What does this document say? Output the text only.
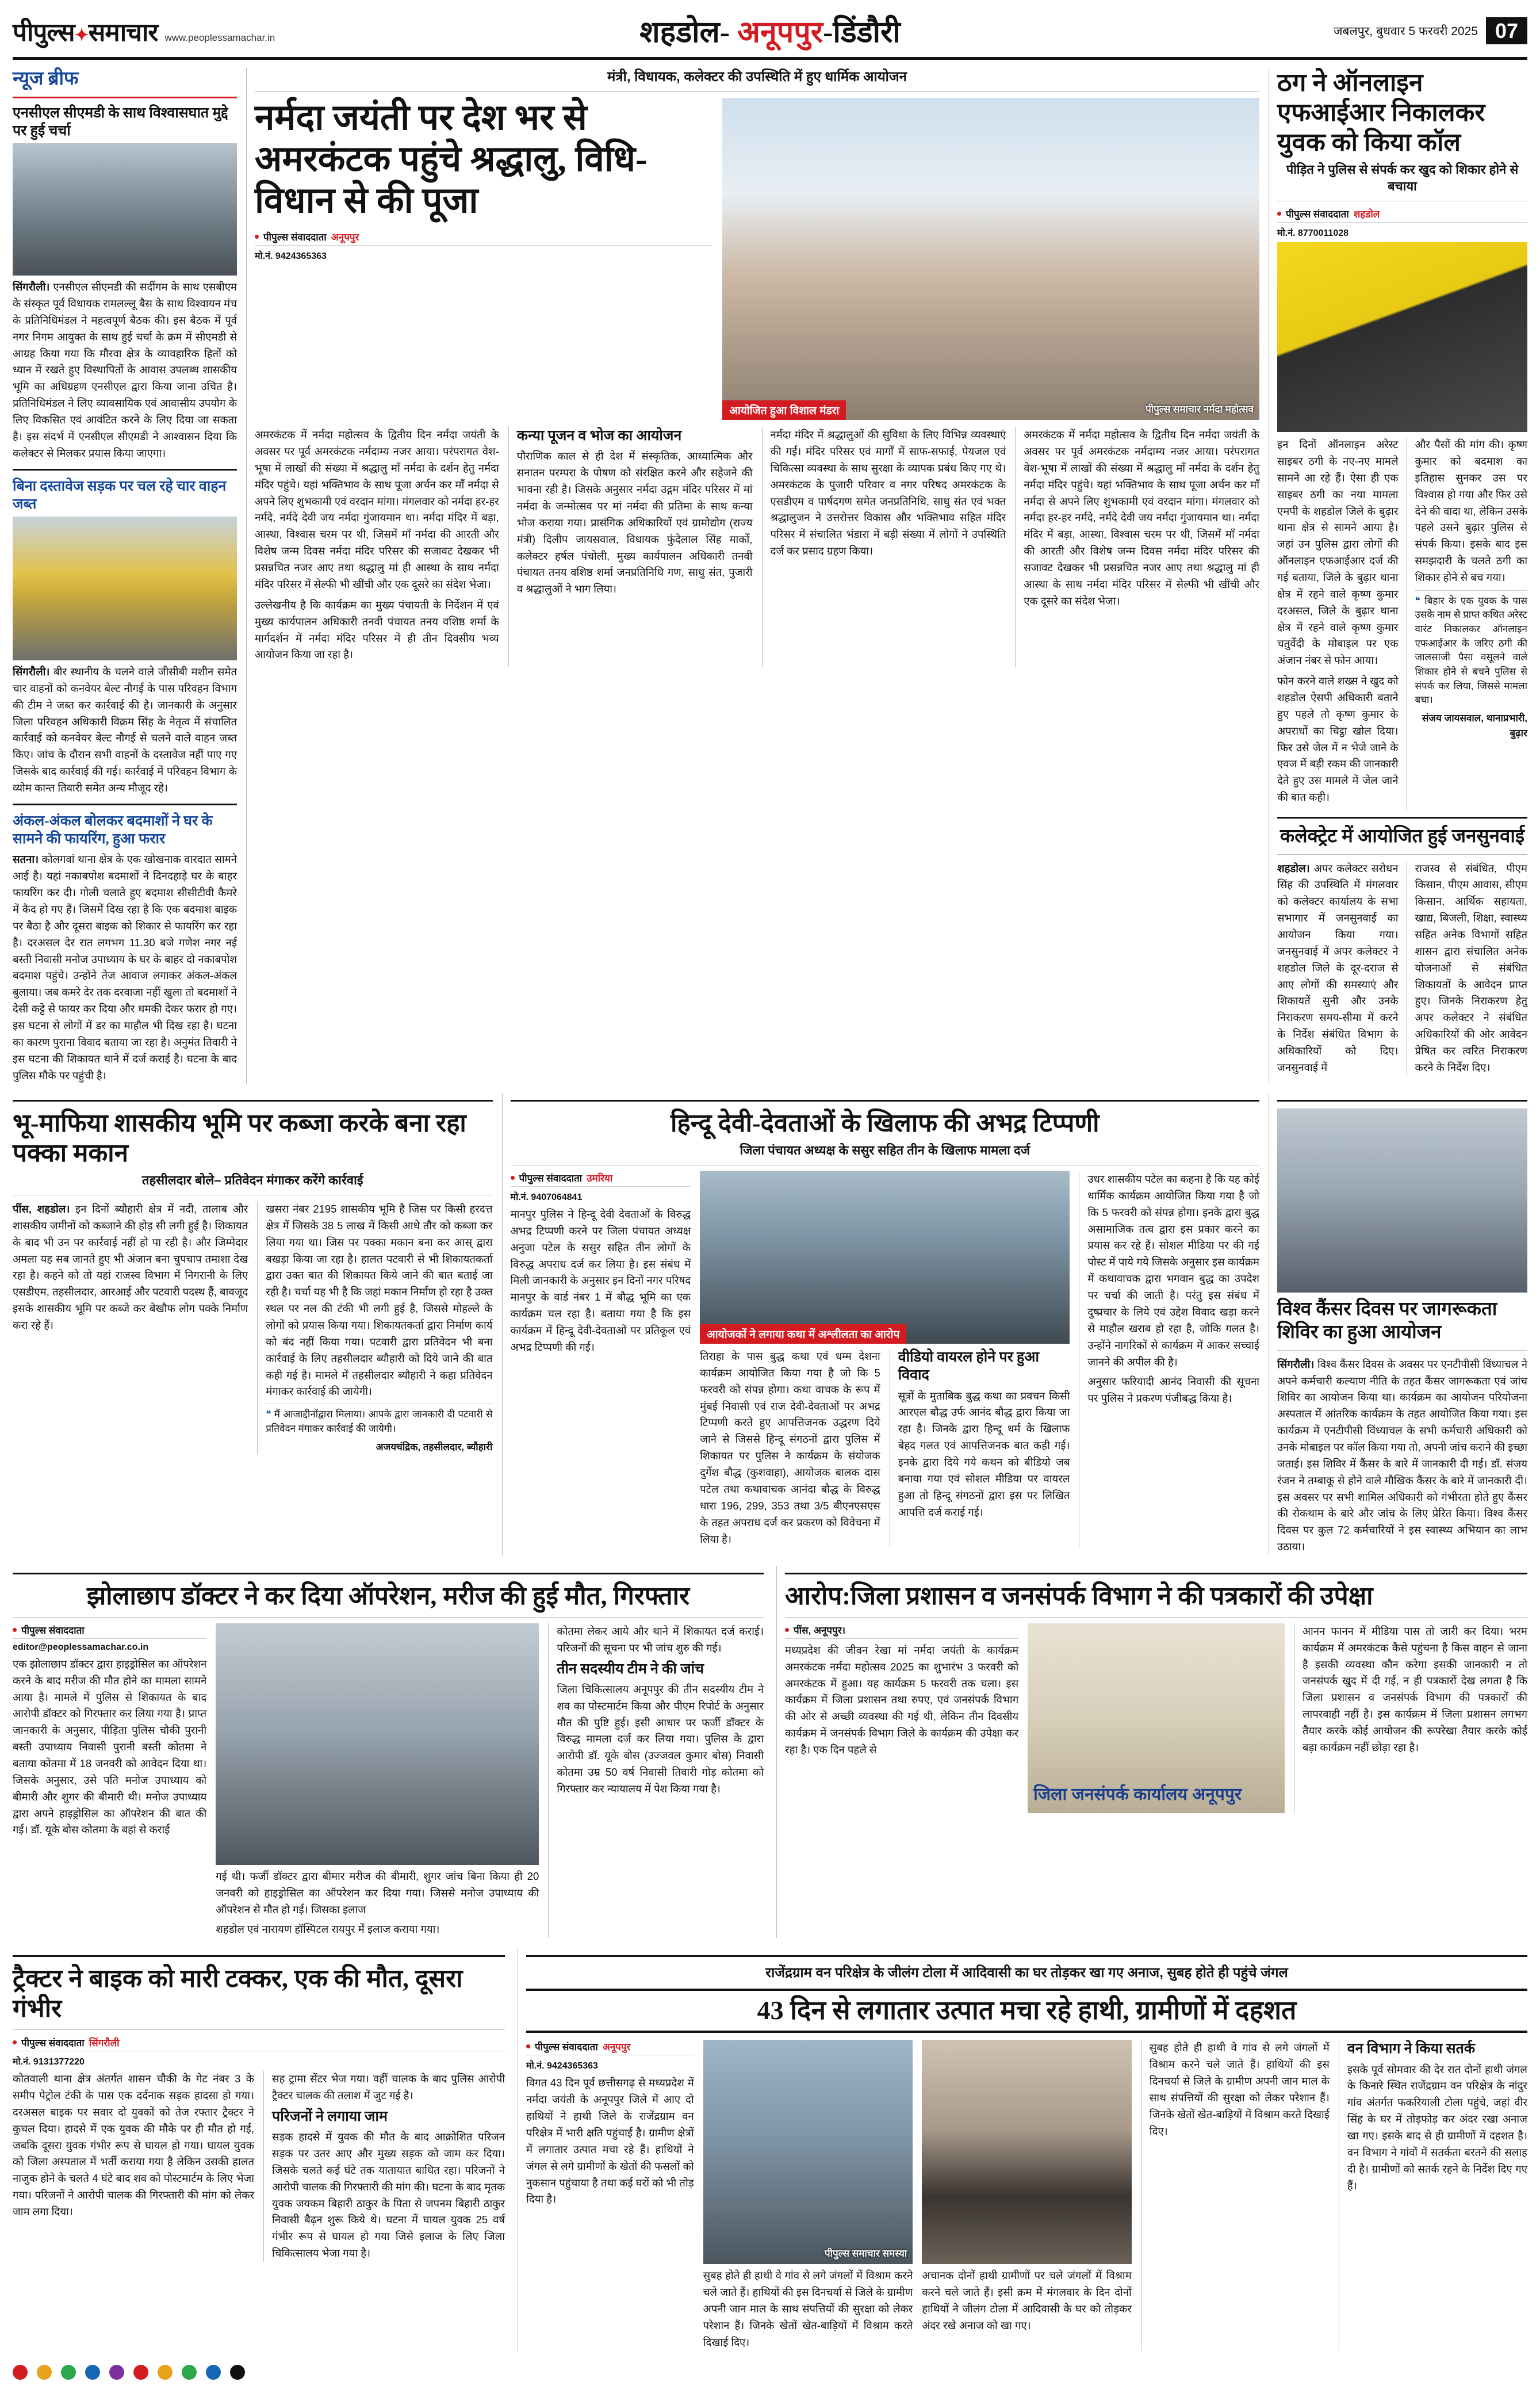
पीपुल्स✦समाचार www.peoplessamachar.in	शहडोल- अनूपपुर-डिंडौरी	जबलपुर, बुधवार 5 फरवरी 2025 07
न्यूज ब्रीफ
एनसीएल सीएमडी के साथ विश्वासघात मुद्दे पर हुई चर्चा
सिंगरौली। एनसीएल सीएमडी की सदींगम के साथ एसबीएम के संस्कृत पूर्व विधायक रामलल्लू बैस के साथ विश्वायन मंच के प्रतिनिधिमंडल ने महत्वपूर्ण बैठक की। इस बैठक में पूर्व नगर निगम आयुक्त के साथ हुई चर्चा के क्रम में सीएमडी से आग्रह किया गया कि मौरवा क्षेत्र के व्यावहारिक हितों को ध्यान में रखते हुए विस्थापितों के आवास उपलब्ध शासकीय भूमि का अधिग्रहण एनसीएल द्वारा किया जाना उचित है। प्रतिनिधिमंडल ने लिए व्यावसायिक एवं आवासीय उपयोग के लिए विकसित एवं आवंटित करने के लिए दिया जा सकता है। इस संदर्भ में एनसीएल सीएमडी ने आश्वासन दिया कि कलेक्टर से मिलकर प्रयास किया जाएगा।
बिना दस्तावेज सड़क पर चल रहे चार वाहन जब्त
सिंगरौली। बीर स्थानीय के चलने वाले जीसीबी मशीन समेत चार वाहनों को कनवेयर बेल्ट नौगई के पास परिवहन विभाग की टीम ने जब्त कर कार्रवाई की है। जानकारी के अनुसार जिला परिवहन अधिकारी विक्रम सिंह के नेतृत्व में संचालित कार्रवाई को कनवेयर बेल्ट नौगई से चलने वाले वाहन जब्त किए। जांच के दौरान सभी वाहनों के दस्तावेज नहीं पाए गए जिसके बाद कार्रवाई की गई। कार्रवाई में परिवहन विभाग के व्योम कान्त तिवारी समेत अन्य मौजूद रहे।
अंकल-अंकल बोलकर बदमाशों ने घर के सामने की फायरिंग, हुआ फरार
सतना। कोलगवां थाना क्षेत्र के एक खोखनाक वारदात सामने आई है। यहां नकाबपोश बदमाशों ने दिनदहाड़े घर के बाहर फायरिंग कर दी। गोली चलाते हुए बदमाश सीसीटीवी कैमरे में कैद हो गए हैं। जिसमें दिख रहा है कि एक बदमाश बाइक पर बैठा है और दूसरा बाइक को शिकार से फायरिंग कर रहा है। दरअसल देर रात लगभग 11.30 बजे गणेश नगर नई बस्ती निवासी मनोज उपाध्याय के घर के बाहर दो नकाबपोश बदमाश पहुंचे। उन्होंने तेज आवाज लगाकर अंकल-अंकल बुलाया। जब कमरे देर तक दरवाजा नहीं खुला तो बदमाशों ने देसी कट्टे से फायर कर दिया और धमकी देकर फरार हो गए। इस घटना से लोगों में डर का माहौल भी दिख रहा है। घटना का कारण पुराना विवाद बताया जा रहा है। अनुमंत तिवारी ने इस घटना की शिकायत थाने में दर्ज कराई है। घटना के बाद पुलिस मौके पर पहुंची है।
मंत्री, विधायक, कलेक्टर की उपस्थिति में हुए धार्मिक आयोजन
नर्मदा जयंती पर देश भर से अमरकंटक पहुंचे श्रद्धालु, विधि-विधान से की पूजा
पीपुल्स संवाददाता अनूपपुर
मो.नं. 9424365363
आयोजित हुआ विशाल मंडरा	पीपुल्स समाचार नर्मदा महोत्सव

अमरकंटक में नर्मदा महोत्सव के द्वितीय दिन नर्मदा जयंती के अवसर पर पूर्व अमरकंटक नर्मदाम्य नजर आया। परंपरागत वेश-भूषा में लाखों की संख्या में श्रद्धालु माँ नर्मदा के दर्शन हेतु नर्मदा मंदिर पहुंचे। यहां भक्तिभाव के साथ पूजा अर्चन कर माँ नर्मदा से अपने लिए शुभकामी एवं वरदान मांगा। मंगलवार को नर्मदा हर-हर नर्मदे, नर्मदे देवी जय नर्मदा गुंजायमान था। नर्मदा मंदिर में बड़ा, आस्था, विश्वास चरम पर थी, जिसमें माँ नर्मदा की आरती और विशेष जन्म दिवस नर्मदा मंदिर परिसर की सजावट देखकर भी प्रसन्नचित नजर आए तथा श्रद्धालु मां ही आस्था के साथ नर्मदा मंदिर परिसर में सेल्फी भी खींची और एक दूसरे का संदेश भेजा।

उल्लेखनीय है कि कार्यक्रम का मुख्य पंचायती के निर्देशन में एवं मुख्य कार्यपालन अधिकारी तनवी पंचायत तनय वशिष्ठ शर्मा के मार्गदर्शन में नर्मदा मंदिर परिसर में ही तीन दिवसीय भव्य आयोजन किया जा रहा है।

कन्या पूजन व भोज का आयोजन

पौराणिक काल से ही देश में संस्कृतिक, आध्यात्मिक और सनातन परम्परा के पोषण को संरक्षित करने और सहेजने की भावना रही है। जिसके अनुसार नर्मदा उद्गम मंदिर परिसर में मां नर्मदा के जन्मोत्सव पर मां नर्मदा की प्रतिमा के साथ कन्या भोज कराया गया। प्रासंगिक अधिकारियों एवं ग्रामोद्योग (राज्य मंत्री) दिलीप जायसवाल, विधायक फुंदेलाल सिंह मार्को, कलेक्टर हर्षल पंचोली, मुख्य कार्यपालन अधिकारी तनवी पंचायत तनय वशिष्ठ शर्मा जनप्रतिनिधि गण, साधु संत, पुजारी व श्रद्धालुओं ने भाग लिया।

नर्मदा मंदिर में श्रद्धालुओं की सुविधा के लिए विभिन्न व्यवस्थाएं की गईं। मंदिर परिसर एवं मार्गों में साफ-सफाई, पेयजल एवं चिकित्सा व्यवस्था के साथ सुरक्षा के व्यापक प्रबंध किए गए थे। अमरकंटक के पुजारी परिवार व नगर परिषद अमरकंटक के एसडीएम व पार्षदगण समेत जनप्रतिनिधि, साधु संत एवं भक्त श्रद्धालुजन ने उत्तरोत्तर विकास और भक्तिभाव सहित मंदिर परिसर में संचालित भंडारा में बड़ी संख्या में लोगों ने उपस्थिति दर्ज कर प्रसाद ग्रहण किया।

अमरकंटक में नर्मदा महोत्सव के द्वितीय दिन नर्मदा जयंती के अवसर पर पूर्व अमरकंटक नर्मदाम्य नजर आया। परंपरागत वेश-भूषा में लाखों की संख्या में श्रद्धालु माँ नर्मदा के दर्शन हेतु नर्मदा मंदिर पहुंचे। यहां भक्तिभाव के साथ पूजा अर्चन कर माँ नर्मदा से अपने लिए शुभकामी एवं वरदान मांगा। मंगलवार को नर्मदा हर-हर नर्मदे, नर्मदे देवी जय नर्मदा गुंजायमान था। नर्मदा मंदिर में बड़ा, आस्था, विश्वास चरम पर थी, जिसमें माँ नर्मदा की आरती और विशेष जन्म दिवस नर्मदा मंदिर परिसर की सजावट देखकर भी प्रसन्नचित नजर आए तथा श्रद्धालु मां ही आस्था के साथ नर्मदा मंदिर परिसर में सेल्फी भी खींची और एक दूसरे का संदेश भेजा।

ठग ने ऑनलाइन एफआईआर निकालकर युवक को किया कॉल
पीड़ित ने पुलिस से संपर्क कर खुद को शिकार होने से बचाया
पीपुल्स संवाददाता शहडोल
मो.नं. 8770011028

इन दिनों ऑनलाइन अरेस्ट साइबर ठगी के नए-नए मामले सामने आ रहे हैं। ऐसा ही एक साइबर ठगी का नया मामला एमपी के शहडोल जिले के बुढ़ार थाना क्षेत्र से सामने आया है। जहां उन पुलिस द्वारा लोगों की ऑनलाइन एफआईआर दर्ज की गई बताया, जिले के बुढ़ार थाना क्षेत्र में रहने वाले कृष्ण कुमार दरअसल, जिले के बुढ़ार थाना क्षेत्र में रहने वाले कृष्ण कुमार चतुर्वेदी के मोबाइल पर एक अंजान नंबर से फोन आया।

फोन करने वाले शख्स ने खुद को शहडोल ऐसपी अधिकारी बताने हुए पहले तो कृष्ण कुमार के अपराधों का चिट्ठा खोल दिया। फिर उसे जेल में न भेजे जाने के एवज में बड़ी रकम की जानकारी देते हुए उस मामले में जेल जाने की बात कही।

और पैसों की मांग की। कृष्ण कुमार को बदमाश का इतिहास सुनकर उस पर विश्वास हो गया और फिर उसे देने की वादा था, लेकिन उसके पहले उसने बुढ़ार पुलिस से संपर्क किया। इसके बाद इस समझदारी के चलते ठगी का शिकार होने से बच गया।

❝ बिहार के एक युवक के पास उसके नाम से प्राप्त कथित अरेस्ट वारंट निकालकर ऑनलाइन एफआईआर के जरिए ठगी की जालसाजी पैसा वसूलने वाले शिकार होने से बचने पुलिस से संपर्क कर लिया, जिससे मामला बचा।
संजय जायसवाल, थानाप्रभारी, बुढ़ार
कलेक्ट्रेट में आयोजित हुई जनसुनवाई
शहडोल। अपर कलेक्टर सरोधन सिंह की उपस्थिति में मंगलवार को कलेक्टर कार्यालय के सभा सभागार में जनसुनवाई का आयोजन किया गया। जनसुनवाई में अपर कलेक्टर ने शहडोल जिले के दूर-दराज से आए लोगों की समस्याएं और शिकायतें सुनी और उनके निराकरण समय-सीमा में करने के निर्देश संबंधित विभाग के अधिकारियों को दिए। जनसुनवाई में
राजस्व से संबंधित, पीएम किसान, पीएम आवास, सीएम किसान, आर्थिक सहायता, खाद्य, बिजली, शिक्षा, स्वास्थ्य सहित अनेक विभागों सहित शासन द्वारा संचालित अनेक योजनाओं से संबंधित शिकायतों के आवेदन प्राप्त हुए। जिनके निराकरण हेतु अपर कलेक्टर ने संबंधित अधिकारियों की ओर आवेदन प्रेषित कर त्वरित निराकरण करने के निर्देश दिए।
भू-माफिया शासकीय भूमि पर कब्जा करके बना रहा पक्का मकान
तहसीलदार बोले– प्रतिवेदन मंगाकर करेंगे कार्रवाई
पींस, शहडोल। इन दिनों ब्यौहारी क्षेत्र में नदी, तालाब और शासकीय जमीनों को कब्जाने की होड़ सी लगी हुई है। शिकायत के बाद भी उन पर कार्रवाई नहीं हो पा रही है। और जिम्मेदार अमला यह सब जानते हुए भी अंजान बना चुपचाप तमाशा देख रहा है। कहने को तो यहां राजस्व विभाग में निगरानी के लिए एसडीएम, तहसीलदार, आरआई और पटवारी पदस्थ हैं, बावजूद इसके शासकीय भूमि पर कब्जे कर बेखौफ लोग पक्के निर्माण करा रहे हैं।
खसरा नंबर 2195 शासकीय भूमि है जिस पर किसी हरदत्त क्षेत्र में जिसके 38 5 लाख में किसी आधे तौर को कब्जा कर लिया गया था। जिस पर पक्का मकान बना कर आस् द्वारा बखड़ा किया जा रहा है। हालत पटवारी से भी शिकायतकर्ता द्वारा उक्त बात की शिकायत किये जाने की बात बताई जा रही है। चर्चा यह भी है कि जहां मकान निर्माण हो रहा है उक्त स्थल पर नल की टंकी भी लगी हुई है, जिससे मोहल्ले के लोगों को प्रयास किया गया। शिकायतकर्ता द्वारा निर्माण कार्य को बंद नहीं किया गया। पटवारी द्वारा प्रतिवेदन भी बना कार्रवाई के लिए तहसीलदार ब्यौहारी को दिये जाने की बात कही गई है। मामले में तहसीलदार ब्यौहारी ने कहा प्रतिवेदन मंगाकर कार्रवाई की जायेगी।
❝ मैं आजाद्दीनोंद्वारा मिलाया। आपके द्वारा जानकारी दी पटवारी से प्रतिवेदन मंगाकर कार्रवाई की जायेगी।
अजयचंद्रिक, तहसीलदार, ब्यौहारी
हिन्दू देवी-देवताओं के खिलाफ की अभद्र टिप्पणी
जिला पंचायत अध्यक्ष के ससुर सहित तीन के खिलाफ मामला दर्ज
पीपुल्स संवाददाता उमरिया
मो.नं. 9407064841
मानपुर पुलिस ने हिन्दू देवी देवताओं के विरुद्ध अभद्र टिप्पणी करने पर जिला पंचायत अध्यक्ष अनुजा पटेल के ससुर सहित तीन लोगों के विरुद्ध अपराध दर्ज कर लिया है। इस संबंध में मिली जानकारी के अनुसार इन दिनों नगर परिषद मानपुर के वार्ड नंबर 1 में बौद्ध भूमि का एक कार्यक्रम चल रहा है। बताया गया है कि इस कार्यक्रम में हिन्दू देवी-देवताओं पर प्रतिकूल एवं अभद्र टिप्पणी की गई।
आयोजकों ने लगाया कथा में अश्लीलता का आरोप
तिराहा के पास बुद्ध कथा एवं धम्म देशना कार्यक्रम आयोजित किया गया है जो कि 5 फरवरी को संपन्न होगा। कथा वाचक के रूप में मुंबई निवासी एवं राज देवी-देवताओं पर अभद्र टिप्पणी करते हुए आपत्तिजनक उद्धरण दिये जाने से जिससे हिन्दू संगठनों द्वारा पुलिस में शिकायत पर पुलिस ने कार्यक्रम के संयोजक दुर्गेश बौद्ध (कुशवाहा), आयोजक बालक दास पटेल तथा कथावाचक आनंदा बौद्ध के विरुद्ध धारा 196, 299, 353 तथा 3/5 बीएनएसएस के तहत अपराध दर्ज कर प्रकरण को विवेचना में लिया है।
वीडियो वायरल होने पर हुआ विवाद
सूत्रों के मुताबिक बुद्ध कथा का प्रवचन किसी आरएल बौद्ध उर्फ आनंद बौद्ध द्वारा किया जा रहा है। जिनके द्वारा हिन्दू धर्म के खिलाफ बेहद गलत एवं आपत्तिजनक बात कही गई। इनके द्वारा दिये गये कथन को बीडियो जब बनाया गया एवं सोशल मीडिया पर वायरल हुआ तो हिन्दू संगठनों द्वारा इस पर लिखित आपत्ति दर्ज कराई गई।
उधर शासकीय पटेल का कहना है कि यह कोई धार्मिक कार्यक्रम आयोजित किया गया है जो कि 5 फरवरी को संपन्न होगा। इनके द्वारा बुद्ध असामाजिक तत्व द्वारा इस प्रकार करने का प्रयास कर रहे हैं। सोशल मीडिया पर की गई पोस्ट में पाये गये जिसके अनुसार इस कार्यक्रम में कथावाचक द्वारा भगवान बुद्ध का उपदेश पर चर्चा की जाती है। परंतु इस संबंध में दुष्प्रचार के लिये एवं उद्देश विवाद खड़ा करने से माहौल खराब हो रहा है, जोकि गलत है। उन्होंने नागरिकों से कार्यक्रम में आकर सच्चाई जानने की अपील की है।
अनुसार फरियादी आनंद निवासी की सूचना पर पुलिस ने प्रकरण पंजीबद्ध किया है।
विश्व कैंसर दिवस पर जागरूकता शिविर का हुआ आयोजन
सिंगरौली। विश्व कैंसर दिवस के अवसर पर एनटीपीसी विंध्याचल ने अपने कर्मचारी कल्याण नीति के तहत कैंसर जागरूकता एवं जांच शिविर का आयोजन किया था। कार्यक्रम का आयोजन परियोजना अस्पताल में आंतरिक कार्यक्रम के तहत आयोजित किया गया। इस कार्यक्रम में एनटीपीसी विंध्याचल के सभी कर्मचारी अधिकारी को उनके मोबाइल पर कॉल किया गया तो, अपनी जांच कराने की इच्छा जताई। इस शिविर में कैंसर के बारे में जानकारी दी गई। डॉ. संजय रंजन ने तम्बाकू से होने वाले मौखिक कैंसर के बारे में जानकारी दी। इस अवसर पर सभी शामिल अधिकारी को गंभीरता होते हुए कैंसर की रोकथाम के बारे और जांच के लिए प्रेरित किया। विश्व कैंसर दिवस पर कुल 72 कर्मचारियों ने इस स्वास्थ्य अभियान का लाभ उठाया।
झोलाछाप डॉक्टर ने कर दिया ऑपरेशन, मरीज की हुई मौत, गिरफ्तार
पीपुल्स संवाददाता
editor@peoplessamachar.co.in
एक झोलाछाप डॉक्टर द्वारा हाइड्रोसिल का ऑपरेशन करने के बाद मरीज की मौत होने का मामला सामने आया है। मामले में पुलिस से शिकायत के बाद आरोपी डॉक्टर को गिरफ्तार कर लिया गया है। प्राप्त जानकारी के अनुसार, पीड़िता पुलिस चौकी पुरानी बस्ती उपाध्याय निवासी पुरानी बस्ती कोतमा ने बताया कोतमा में 18 जनवरी को आवेदन दिया था। जिसके अनुसार, उसे पति मनोज उपाध्याय को बीमारी और शुगर की बीमारी थी। मनोज उपाध्याय द्वारा अपने हाइड्रोसिल का ऑपरेशन की बात की गई। डॉ. यूके बोस कोतमा के बहां से कराई
गई थी। फर्जी डॉक्टर द्वारा बीमार मरीज की बीमारी, शुगर जांच बिना किया ही 20 जनवरी को हाइड्रोसिल का ऑपरेशन कर दिया गया। जिससे मनोज उपाध्याय की ऑपरेशन से मौत हो गई। जिसका इलाज
शहडोल एवं नारायण हॉस्पिटल रायपुर में इलाज कराया गया।
कोतमा लेकर आये और थाने में शिकायत दर्ज कराई। परिजनों की सूचना पर भी जांच शुरु की गई।
तीन सदस्यीय टीम ने की जांच
जिला चिकित्सालय अनूपपुर की तीन सदस्यीय टीम ने शव का पोस्टमार्टम किया और पीएम रिपोर्ट के अनुसार मौत की पुष्टि हुई। इसी आधार पर फर्जी डॉक्टर के विरुद्ध मामला दर्ज कर लिया गया। पुलिस के द्वारा आरोपी डॉ. यूके बोस (उज्जवल कुमार बोस) निवासी कोतमा उम्र 50 वर्ष निवासी तिवारी गोड़ कोतमा को गिरफ्तार कर न्यायालय में पेश किया गया है।
आरोप:जिला प्रशासन व जनसंपर्क विभाग ने की पत्रकारों की उपेक्षा
पींस, अनूपपुर।
मध्यप्रदेश की जीवन रेखा मां नर्मदा जयंती के कार्यक्रम अमरकंटक नर्मदा महोत्सव 2025 का शुभारंभ 3 फरवरी को अमरकंटक में हुआ। यह कार्यक्रम 5 फरवरी तक चला। इस कार्यक्रम में जिला प्रशासन तथा रुपए, एवं जनसंपर्क विभाग की ओर से अच्छी व्यवस्था की गई थी, लेकिन तीन दिवसीय कार्यक्रम में जनसंपर्क विभाग जिले के कार्यक्रम की उपेक्षा कर रहा है। एक दिन पहले से
जिला जनसंपर्क कार्यालय अनूपपुर
आनन फानन में मीडिया पास तो जारी कर दिया। भरम कार्यक्रम में अमरकंटक कैसे पहुंचना है किस वाहन से जाना है इसकी व्यवस्था कौन करेगा इसकी जानकारी न तो जनसंपर्क खुद में दी गई, न ही पत्रकारों देख लगता है कि जिला प्रशासन व जनसंपर्क विभाग की पत्रकारों की लापरवाही नहीं है। इस कार्यक्रम में जिला प्रशासन लगभग तैयार करके कोई आयोजन की रूपरेखा तैयार करके कोई बड़ा कार्यक्रम नहीं छोड़ा रहा है।
ट्रैक्टर ने बाइक को मारी टक्कर, एक की मौत, दूसरा गंभीर
पीपुल्स संवाददाता सिंगरौली
मो.नं. 9131377220
कोतवाली थाना क्षेत्र अंतर्गत शासन चौकी के गेट नंबर 3 के समीप पेट्रोल टंकी के पास एक दर्दनाक सड़क हादसा हो गया। दरअसल बाइक पर सवार दो युवकों को तेज रफ्तार ट्रैक्टर ने कुचल दिया। हादसे में एक युवक की मौके पर ही मौत हो गई, जबकि दूसरा युवक गंभीर रूप से घायल हो गया। घायल युवक को जिला अस्पताल में भर्ती कराया गया है लेकिन उसकी हालत नाजुक होने के चलते 4 घंटे बाद शव को पोस्टमार्टम के लिए भेजा गया। परिजनों ने आरोपी चालक की गिरफ्तारी की मांग को लेकर जाम लगा दिया।
सह ट्रामा सेंटर भेज गया। वहीं चालक के बाद पुलिस आरोपी ट्रैक्टर चालक की तलाश में जुट गई है।
परिजनों ने लगाया जाम
सड़क हादसे में युवक की मौत के बाद आक्रोशित परिजन सड़क पर उतर आए और मुख्य सड़क को जाम कर दिया। जिसके चलते कई घंटे तक यातायात बाधित रहा। परिजनों ने आरोपी चालक की गिरफ्तारी की मांग की। घटना के बाद मृतक युवक जयकम बिहारी ठाकुर के पिता से जपनम बिहारी ठाकुर निवासी बैढ़न शुरू किये थे। घटना में घायल युवक 25 वर्ष गंभीर रूप से घायल हो गया जिसे इलाज के लिए जिला चिकित्सालय भेजा गया है।
राजेंद्रग्राम वन परिक्षेत्र के जीलंग टोला में आदिवासी का घर तोड़कर खा गए अनाज, सुबह होते ही पहुंचे जंगल
43 दिन से लगातार उत्पात मचा रहे हाथी, ग्रामीणों में दहशत
पीपुल्स संवाददाता अनूपपुर
मो.नं. 9424365363
विगत 43 दिन पूर्व छत्तीसगढ़ से मध्यप्रदेश में नर्मदा जयंती के अनूपपुर जिले में आए दो हाथियों ने हाथी जिले के राजेंद्रग्राम वन परिक्षेत्र में भारी क्षति पहुंचाई है। ग्रामीण क्षेत्रों में लगातार उत्पात मचा रहे हैं। हाथियों ने जंगल से लगे ग्रामीणों के खेतों की फसलों को नुकसान पहुंचाया है तथा कई घरों को भी तोड़ दिया है।
पीपुल्स समाचार समस्या
सुबह होते ही हाथी वे गांव से लगे जंगलों में विश्राम करने चले जाते हैं। हाथियों की इस दिनचर्या से जिले के ग्रामीण अपनी जान माल के साथ संपत्तियों की सुरक्षा को लेकर परेशान हैं। जिनके खेतों खेत-बाड़ियों में विश्राम करते दिखाई दिए।
अचानक दोनों हाथी ग्रामीणों पर चले जंगलों में विश्राम करने चले जाते हैं। इसी क्रम में मंगलवार के दिन दोनों हाथियों ने जीलंग टोला में आदिवासी के घर को तोड़कर अंदर रखे अनाज को खा गए।
सुबह होते ही हाथी वे गांव से लगे जंगलों में विश्राम करने चले जाते हैं। हाथियों की इस दिनचर्या से जिले के ग्रामीण अपनी जान माल के साथ संपत्तियों की सुरक्षा को लेकर परेशान हैं। जिनके खेतों खेत-बाड़ियों में विश्राम करते दिखाई दिए।
वन विभाग ने किया सतर्क
इसके पूर्व सोमवार की देर रात दोनों हाथी जंगल के किनारे स्थित राजेंद्रग्राम वन परिक्षेत्र के नांदुर गांव अंतर्गत फकरियाली टोला पहुंचे, जहां वीर सिंह के घर में तोड़फोड़ कर अंदर रखा अनाज खा गए। इसके बाद से ही ग्रामीणों में दहशत है। वन विभाग ने गांवों में सतर्कता बरतने की सलाह दी है। ग्रामीणों को सतर्क रहने के निर्देश दिए गए हैं।
